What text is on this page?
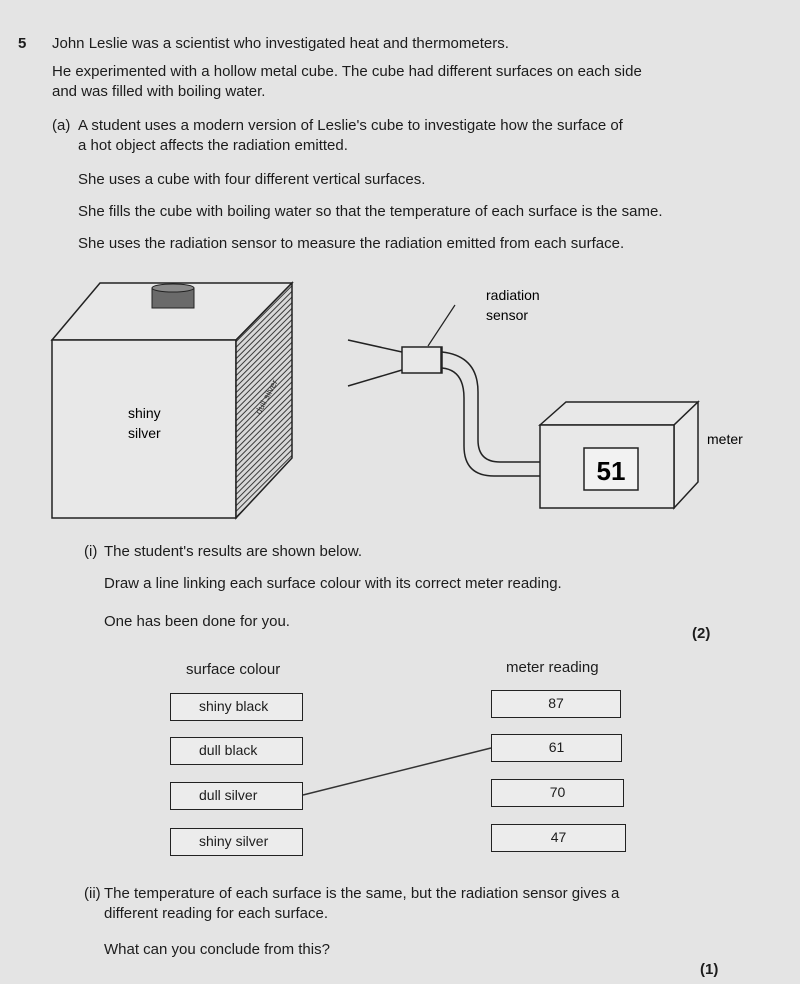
5 John Leslie was a scientist who investigated heat and thermometers.
He experimented with a hollow metal cube. The cube had different surfaces on each side
and was filled with boiling water.
(a) A student uses a modern version of Leslie's cube to investigate how the surface of
a hot object affects the radiation emitted.
She uses a cube with four different vertical surfaces.
She fills the cube with boiling water so that the temperature of each surface is the same.
She uses the radiation sensor to measure the radiation emitted from each surface.
shiny
silver
dull silver
radiation
sensor
51
meter
(i) The student's results are shown below.
Draw a line linking each surface colour with its correct meter reading.
One has been done for you.
(2)
surface colour	meter reading
shiny black
dull black
dull silver
shiny silver
87
61
70
47
(ii) The temperature of each surface is the same, but the radiation sensor gives a
different reading for each surface.
What can you conclude from this?
(1)
